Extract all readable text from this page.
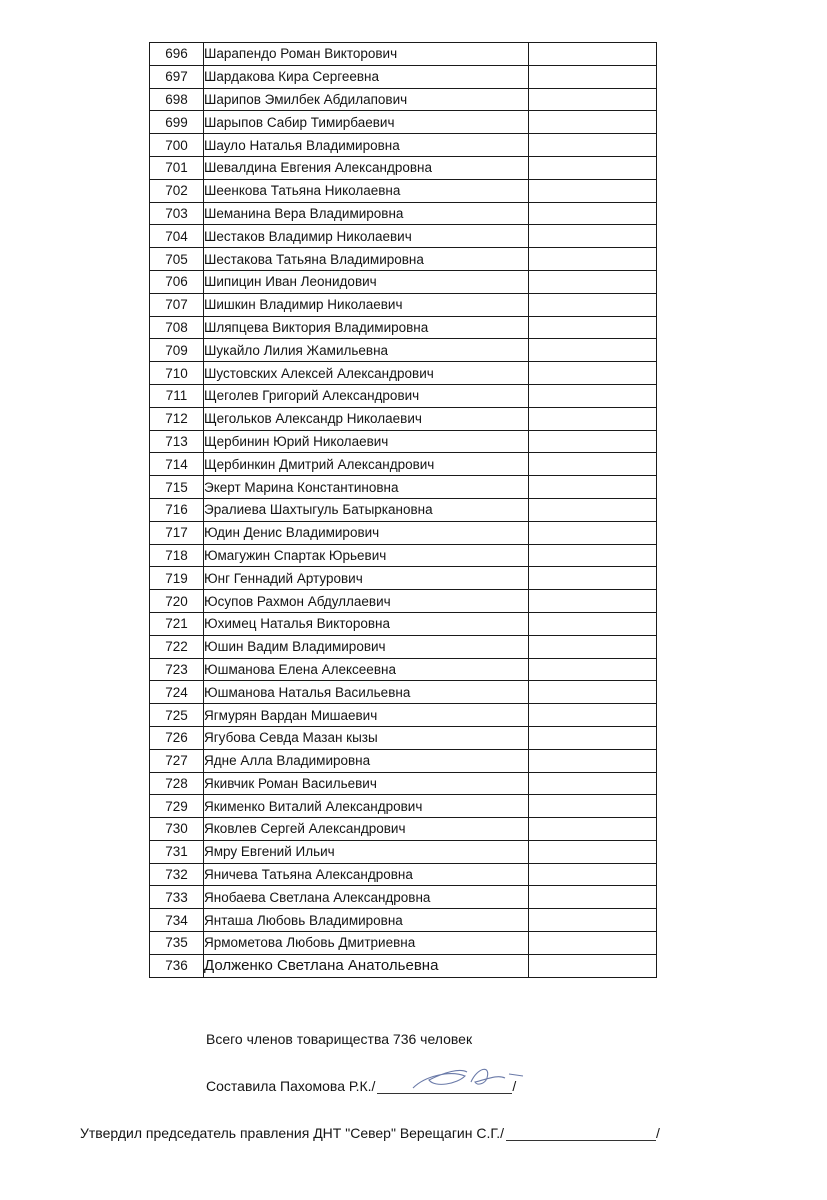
696	Шарапендо Роман Викторович	
697	Шардакова Кира Сергеевна	
698	Шарипов Эмилбек Абдилапович	
699	Шарыпов Сабир Тимирбаевич	
700	Шауло Наталья Владимировна	
701	Шевалдина Евгения Александровна	
702	Шеенкова Татьяна Николаевна	
703	Шеманина Вера Владимировна	
704	Шестаков Владимир Николаевич	
705	Шестакова Татьяна Владимировна	
706	Шипицин Иван Леонидович	
707	Шишкин Владимир Николаевич	
708	Шляпцева Виктория Владимировна	
709	Шукайло Лилия Жамильевна	
710	Шустовских Алексей Александрович	
711	Щеголев Григорий Александрович	
712	Щегольков Александр Николаевич	
713	Щербинин Юрий Николаевич	
714	Щербинкин Дмитрий Александрович	
715	Экерт Марина Константиновна	
716	Эралиева Шахтыгуль Батыркановна	
717	Юдин Денис Владимирович	
718	Юмагужин Спартак Юрьевич	
719	Юнг Геннадий Артурович	
720	Юсупов Рахмон Абдуллаевич	
721	Юхимец Наталья Викторовна	
722	Юшин Вадим Владимирович	
723	Юшманова Елена Алексеевна	
724	Юшманова Наталья Васильевна	
725	Ягмурян Вардан Мишаевич	
726	Ягубова Севда Мазан кызы	
727	Ядне Алла Владимировна	
728	Якивчик Роман Васильевич	
729	Якименко Виталий Александрович	
730	Яковлев Сергей Александрович	
731	Ямру Евгений Ильич	
732	Яничева Татьяна Александровна	
733	Янобаева Светлана Александровна	
734	Янташа Любовь Владимировна	
735	Ярмометова Любовь Дмитриевна	
736	Долженко Светлана Анатольевна	
Всего членов товарищества 736 человек
Составила Пахомова Р.К./	/
Утвердил председатель правления ДНТ "Север" Верещагин С.Г./	/
